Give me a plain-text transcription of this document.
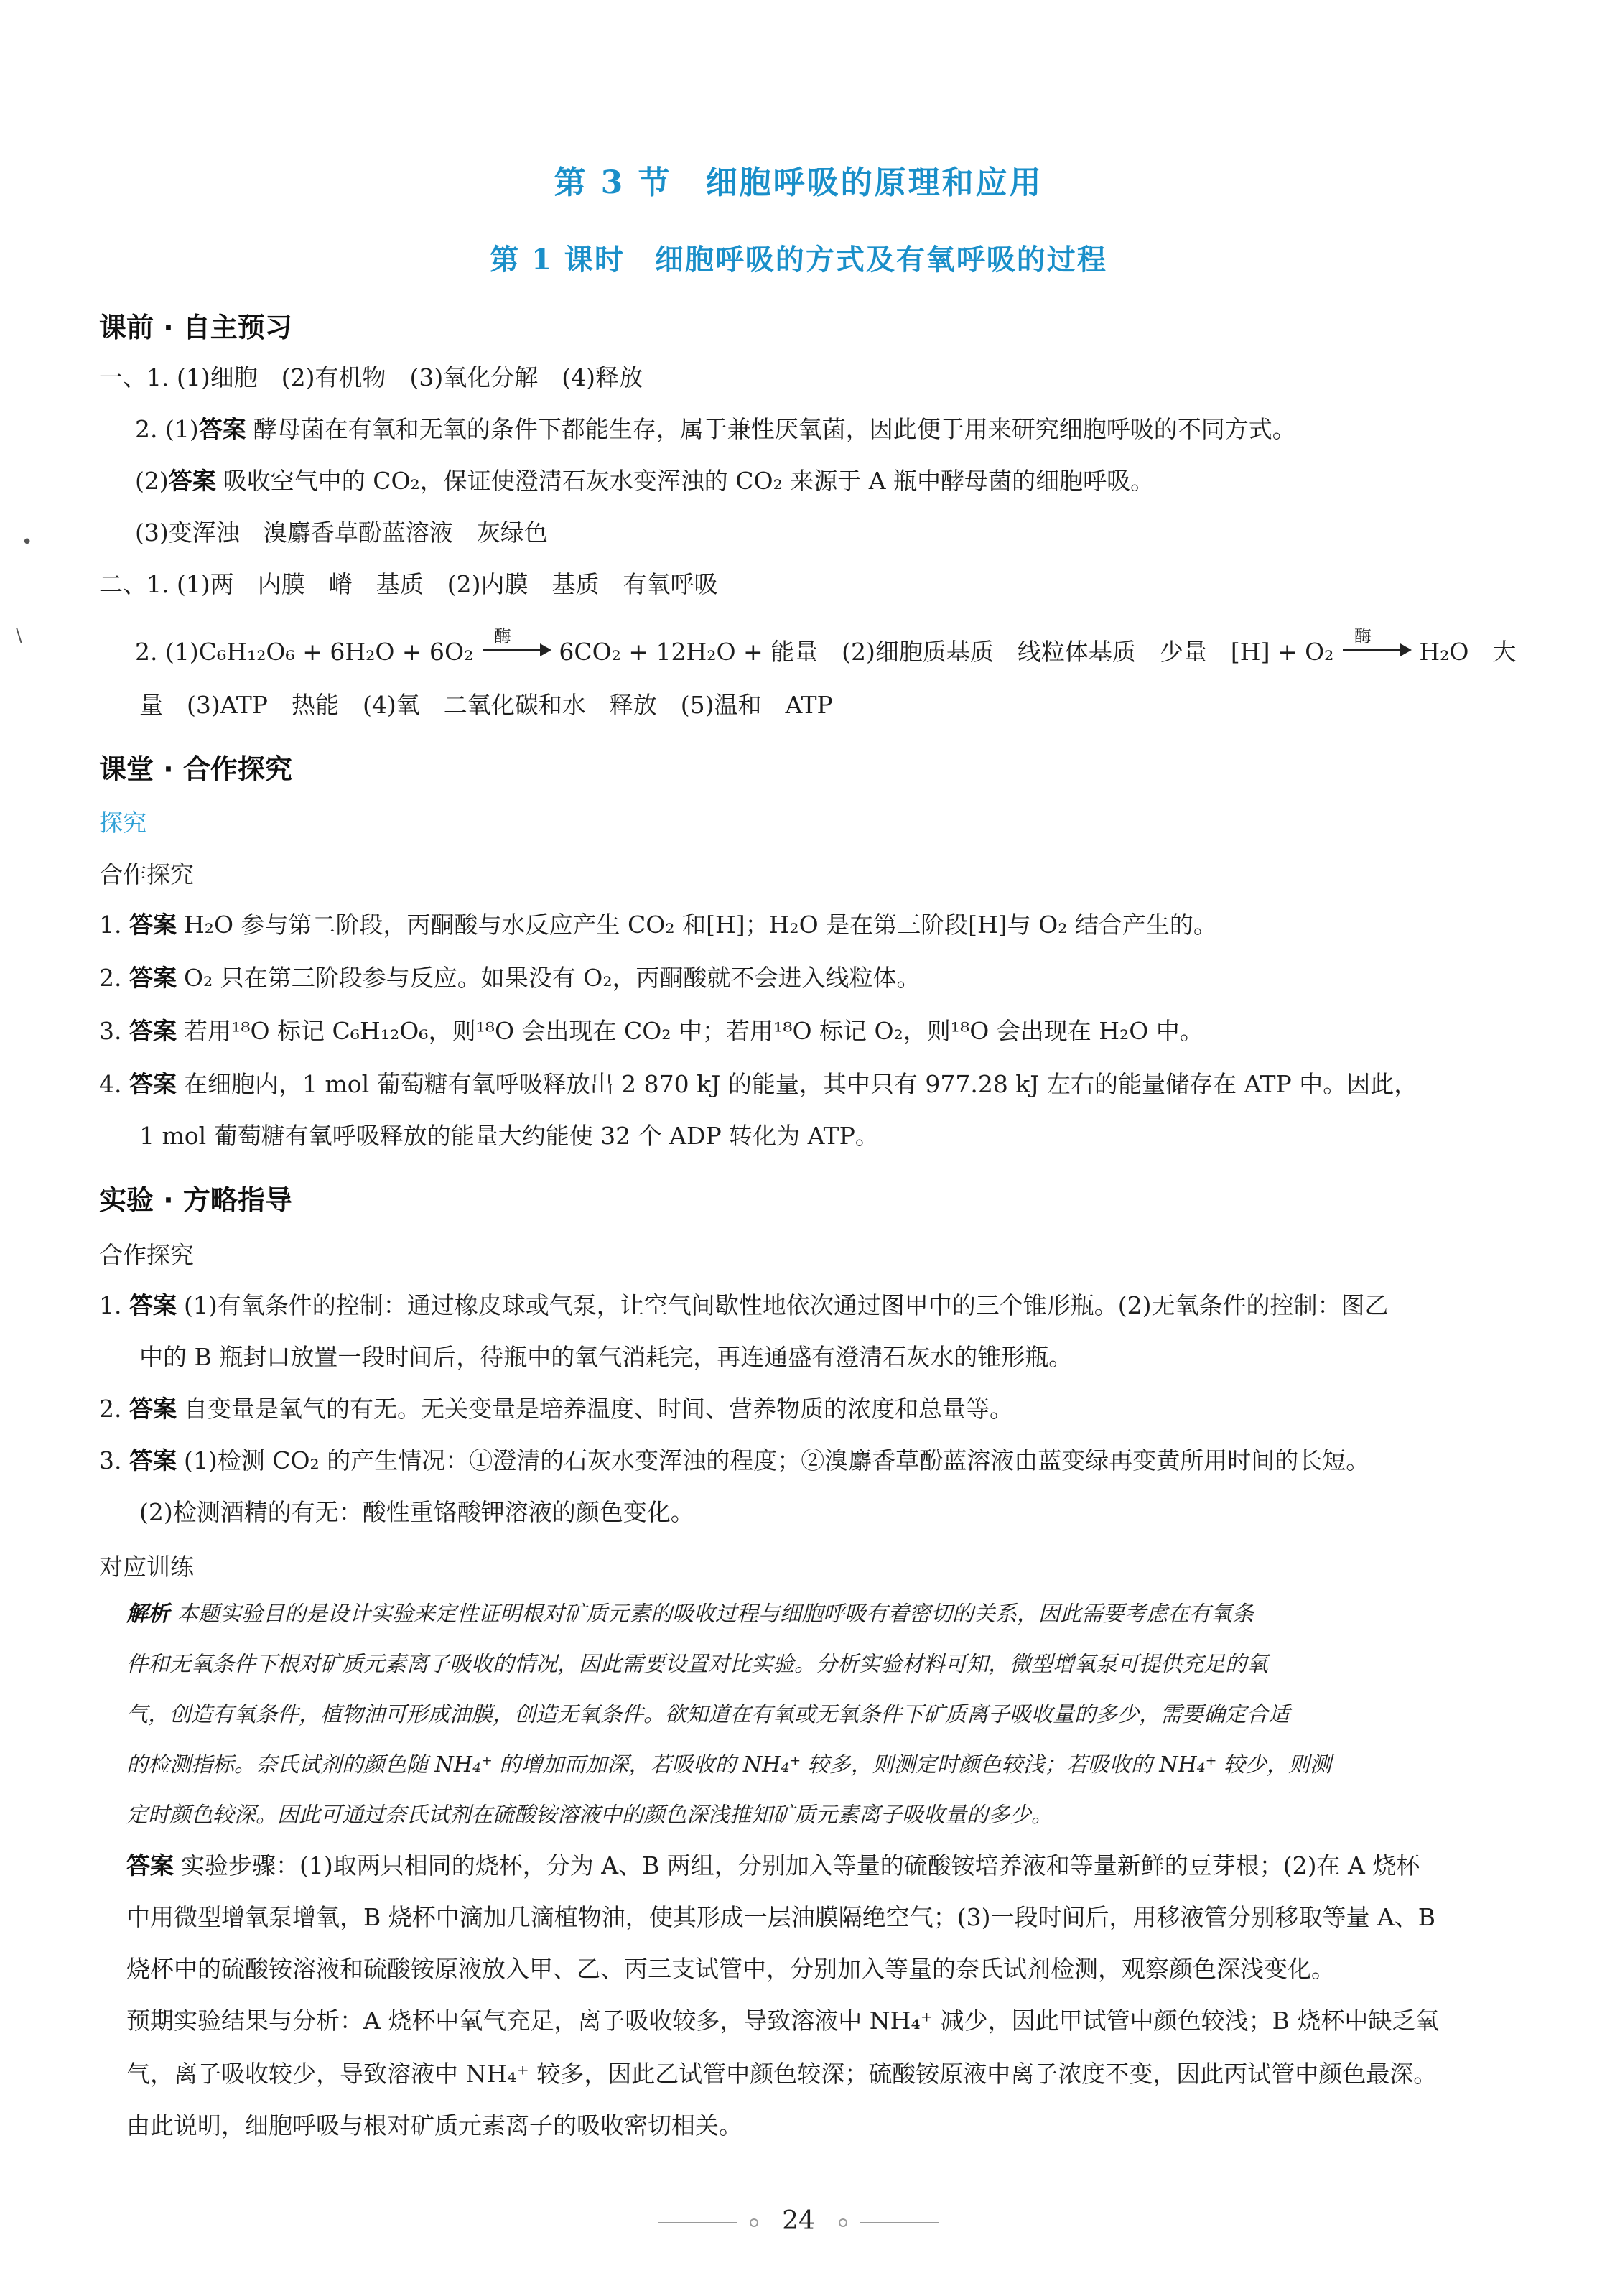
第 3 节　细胞呼吸的原理和应用
第 1 课时　细胞呼吸的方式及有氧呼吸的过程
课前 · 自主预习
一、1. (1)细胞　(2)有机物　(3)氧化分解　(4)释放
2. (1)答案 酵母菌在有氧和无氧的条件下都能生存，属于兼性厌氧菌，因此便于用来研究细胞呼吸的不同方式。
(2)答案 吸收空气中的 CO₂，保证使澄清石灰水变浑浊的 CO₂ 来源于 A 瓶中酵母菌的细胞呼吸。
(3)变浑浊　溴麝香草酚蓝溶液　灰绿色
二、1. (1)两　内膜　嵴　基质　(2)内膜　基质　有氧呼吸
2. (1)C₆H₁₂O₆ + 6H₂O + 6O₂
酶
6CO₂ + 12H₂O + 能量　(2)细胞质基质　线粒体基质　少量　[H] + O₂
酶
H₂O　大
量　(3)ATP　热能　(4)氧　二氧化碳和水　释放　(5)温和　ATP
课堂 · 合作探究
探究
合作探究
1. 答案 H₂O 参与第二阶段，丙酮酸与水反应产生 CO₂ 和[H]；H₂O 是在第三阶段[H]与 O₂ 结合产生的。
2. 答案 O₂ 只在第三阶段参与反应。如果没有 O₂，丙酮酸就不会进入线粒体。
3. 答案 若用¹⁸O 标记 C₆H₁₂O₆，则¹⁸O 会出现在 CO₂ 中；若用¹⁸O 标记 O₂，则¹⁸O 会出现在 H₂O 中。
4. 答案 在细胞内，1 mol 葡萄糖有氧呼吸释放出 2 870 kJ 的能量，其中只有 977.28 kJ 左右的能量储存在 ATP 中。因此，
1 mol 葡萄糖有氧呼吸释放的能量大约能使 32 个 ADP 转化为 ATP。
实验 · 方略指导
合作探究
1. 答案 (1)有氧条件的控制：通过橡皮球或气泵，让空气间歇性地依次通过图甲中的三个锥形瓶。(2)无氧条件的控制：图乙
中的 B 瓶封口放置一段时间后，待瓶中的氧气消耗完，再连通盛有澄清石灰水的锥形瓶。
2. 答案 自变量是氧气的有无。无关变量是培养温度、时间、营养物质的浓度和总量等。
3. 答案 (1)检测 CO₂ 的产生情况：①澄清的石灰水变浑浊的程度；②溴麝香草酚蓝溶液由蓝变绿再变黄所用时间的长短。
(2)检测酒精的有无：酸性重铬酸钾溶液的颜色变化。
对应训练
解析 本题实验目的是设计实验来定性证明根对矿质元素的吸收过程与细胞呼吸有着密切的关系，因此需要考虑在有氧条
件和无氧条件下根对矿质元素离子吸收的情况，因此需要设置对比实验。分析实验材料可知，微型增氧泵可提供充足的氧
气，创造有氧条件，植物油可形成油膜，创造无氧条件。欲知道在有氧或无氧条件下矿质离子吸收量的多少，需要确定合适
的检测指标。奈氏试剂的颜色随 NH₄⁺ 的增加而加深，若吸收的 NH₄⁺ 较多，则测定时颜色较浅；若吸收的 NH₄⁺ 较少，则测
定时颜色较深。因此可通过奈氏试剂在硫酸铵溶液中的颜色深浅推知矿质元素离子吸收量的多少。
答案 实验步骤：(1)取两只相同的烧杯，分为 A、B 两组，分别加入等量的硫酸铵培养液和等量新鲜的豆芽根；(2)在 A 烧杯
中用微型增氧泵增氧，B 烧杯中滴加几滴植物油，使其形成一层油膜隔绝空气；(3)一段时间后，用移液管分别移取等量 A、B
烧杯中的硫酸铵溶液和硫酸铵原液放入甲、乙、丙三支试管中，分别加入等量的奈氏试剂检测，观察颜色深浅变化。
预期实验结果与分析：A 烧杯中氧气充足，离子吸收较多，导致溶液中 NH₄⁺ 减少，因此甲试管中颜色较浅；B 烧杯中缺乏氧
气，离子吸收较少，导致溶液中 NH₄⁺ 较多，因此乙试管中颜色较深；硫酸铵原液中离子浓度不变，因此丙试管中颜色最深。
由此说明，细胞呼吸与根对矿质元素离子的吸收密切相关。
24
•
\
